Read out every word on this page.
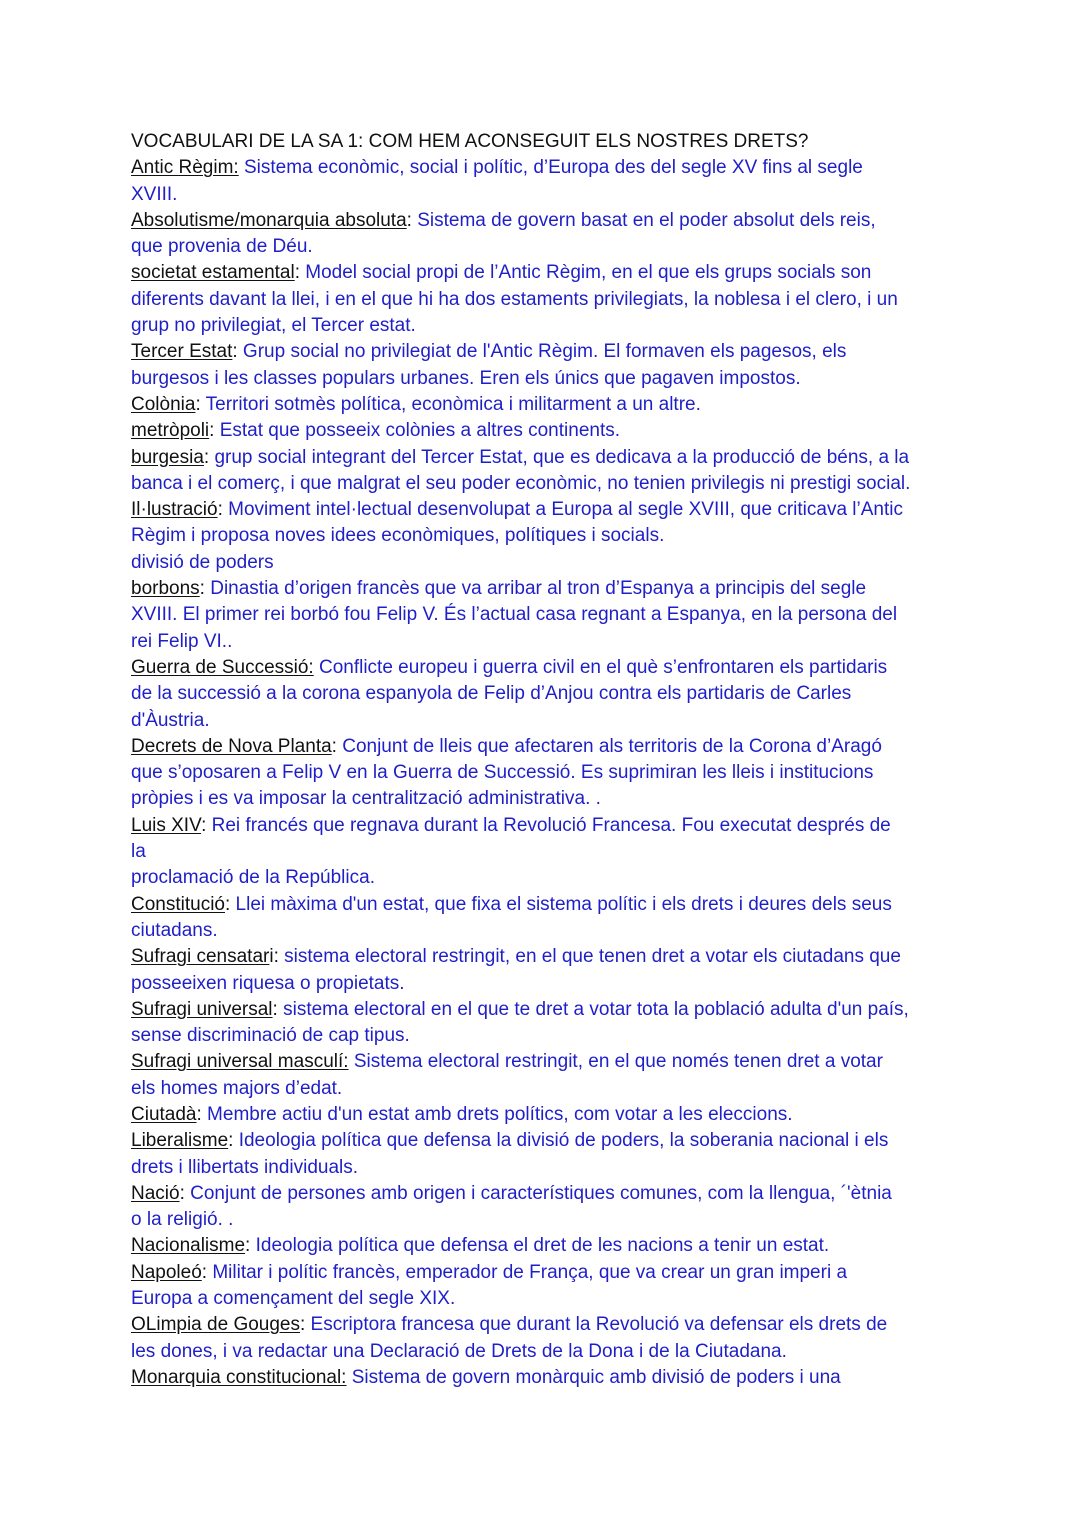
VOCABULARI DE LA SA 1: COM HEM ACONSEGUIT ELS NOSTRES DRETS?
Antic Règim: Sistema econòmic, social i polític, d’Europa des del segle XV fins al segle
XVIII.
Absolutisme/monarquia absoluta: Sistema de govern basat en el poder absolut dels reis,
que provenia de Déu.
societat estamental: Model social propi de l’Antic Règim, en el que els grups socials son
diferents davant la llei, i en el que hi ha dos estaments privilegiats, la noblesa i el clero, i un
grup no privilegiat, el Tercer estat.
Tercer Estat: Grup social no privilegiat de l'Antic Règim. El formaven els pagesos, els
burgesos i les classes populars urbanes. Eren els únics que pagaven impostos.
Colònia: Territori sotmès política, econòmica i militarment a un altre.
metròpoli: Estat que posseeix colònies a altres continents.
burgesia: grup social integrant del Tercer Estat, que es dedicava a la producció de béns, a la
banca i el comerç, i que malgrat el seu poder econòmic, no tenien privilegis ni prestigi social.
Il·lustració: Moviment intel·lectual desenvolupat a Europa al segle XVIII, que criticava l’Antic
Règim i proposa noves idees econòmiques, polítiques i socials.
divisió de poders
borbons: Dinastia d’origen francès que va arribar al tron d’Espanya a principis del segle
XVIII. El primer rei borbó fou Felip V. És l’actual casa regnant a Espanya, en la persona del
rei Felip VI..
Guerra de Successió: Conflicte europeu i guerra civil en el què s’enfrontaren els partidaris
de la successió a la corona espanyola de Felip d’Anjou contra els partidaris de Carles
d'Àustria.
Decrets de Nova Planta: Conjunt de lleis que afectaren als territoris de la Corona d’Aragó
que s’oposaren a Felip V en la Guerra de Successió. Es suprimiran les lleis i institucions
pròpies i es va imposar la centralització administrativa. .
Luis XIV: Rei francés que regnava durant la Revolució Francesa. Fou executat després de
la
proclamació de la República.
Constitució: Llei màxima d'un estat, que fixa el sistema polític i els drets i deures dels seus
ciutadans.
Sufragi censatari: sistema electoral restringit, en el que tenen dret a votar els ciutadans que
posseeixen riquesa o propietats.
Sufragi universal: sistema electoral en el que te dret a votar tota la població adulta d'un país,
sense discriminació de cap tipus.
Sufragi universal masculí: Sistema electoral restringit, en el que només tenen dret a votar
els homes majors d’edat.
Ciutadà: Membre actiu d'un estat amb drets polítics, com votar a les eleccions.
Liberalisme: Ideologia política que defensa la divisió de poders, la soberania nacional i els
drets i llibertats individuals.
Nació: Conjunt de persones amb origen i característiques comunes, com la llengua, ´'ètnia
o la religió. .
Nacionalisme: Ideologia política que defensa el dret de les nacions a tenir un estat.
Napoleó: Militar i polític francès, emperador de França, que va crear un gran imperi a
Europa a començament del segle XIX.
OLimpia de Gouges: Escriptora francesa que durant la Revolució va defensar els drets de
les dones, i va redactar una Declaració de Drets de la Dona i de la Ciutadana.
Monarquia constitucional: Sistema de govern monàrquic amb divisió de poders i una
